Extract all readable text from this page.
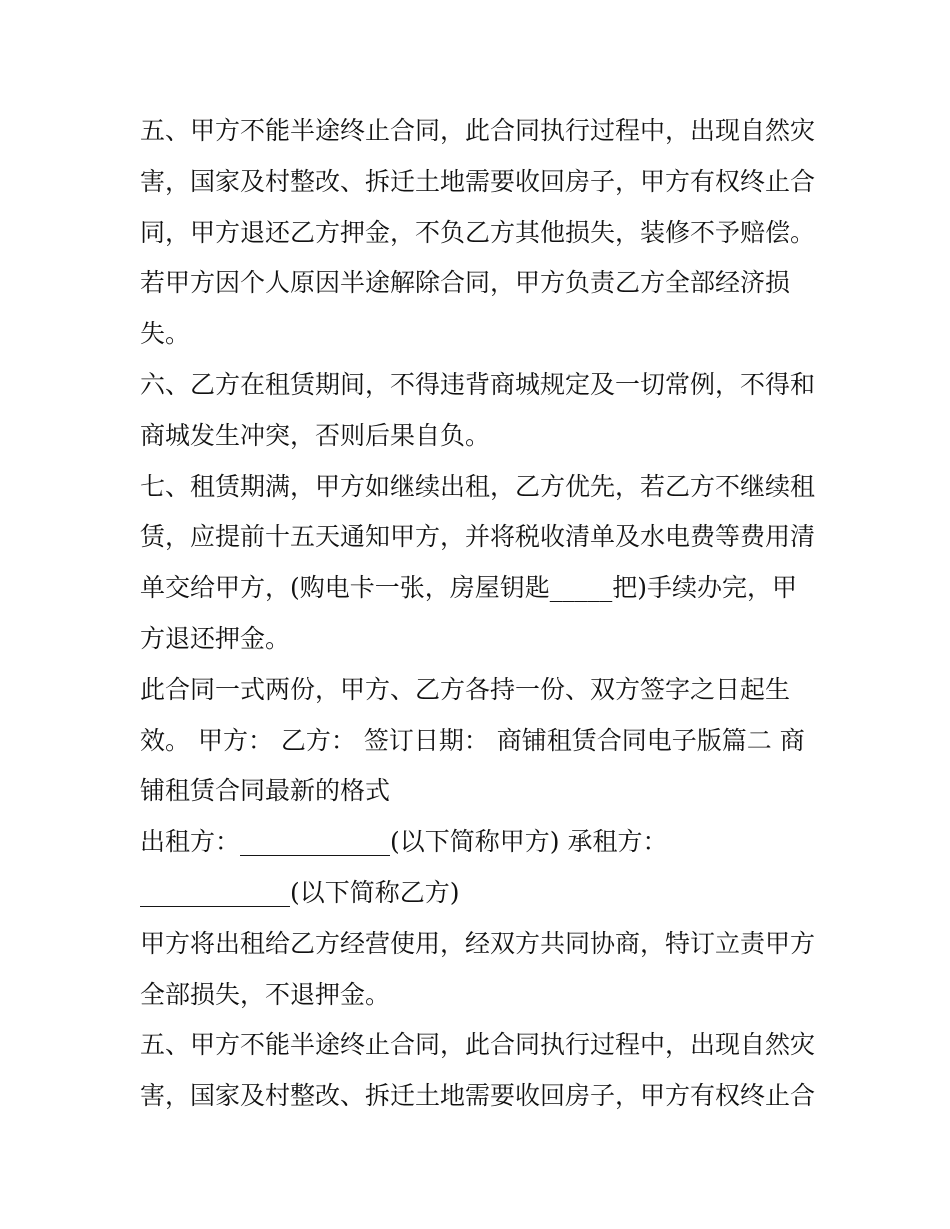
五、甲方不能半途终止合同，此合同执行过程中，出现自然灾
害，国家及村整改、拆迁土地需要收回房子，甲方有权终止合
同，甲方退还乙方押金，不负乙方其他损失，装修不予赔偿。
若甲方因个人原因半途解除合同，甲方负责乙方全部经济损
失。
六、乙方在租赁期间，不得违背商城规定及一切常例，不得和
商城发生冲突，否则后果自负。
七、租赁期满，甲方如继续出租，乙方优先，若乙方不继续租
赁，应提前十五天通知甲方，并将税收清单及水电费等费用清
单交给甲方，(购电卡一张，房屋钥匙_____把)手续办完，甲
方退还押金。
此合同一式两份，甲方、乙方各持一份、双方签字之日起生
效。 甲方： 乙方： 签订日期： 商铺租赁合同电子版篇二 商
铺租赁合同最新的格式
出租方：____________(以下简称甲方) 承租方：
____________(以下简称乙方)
甲方将出租给乙方经营使用，经双方共同协商，特订立责甲方
全部损失，不退押金。
五、甲方不能半途终止合同，此合同执行过程中，出现自然灾
害，国家及村整改、拆迁土地需要收回房子，甲方有权终止合
